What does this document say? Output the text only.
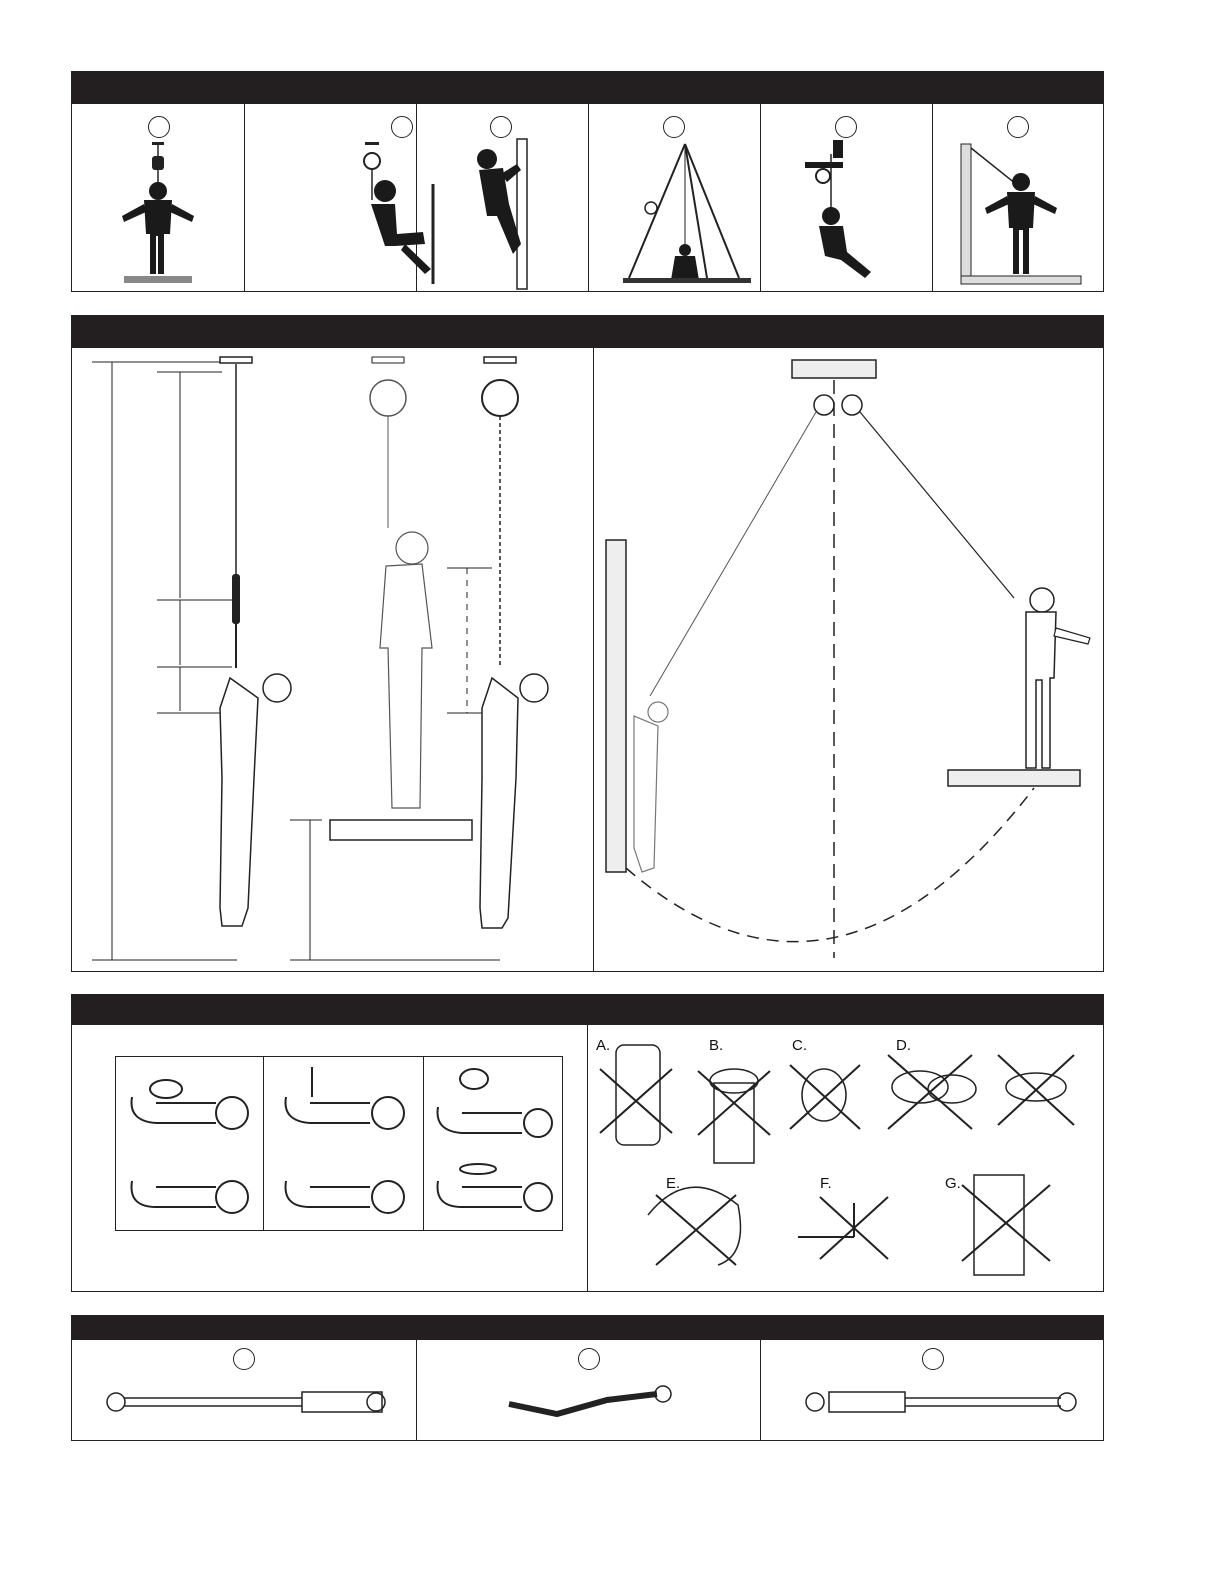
A.	B.	C.	D.
E.	F.	G.
